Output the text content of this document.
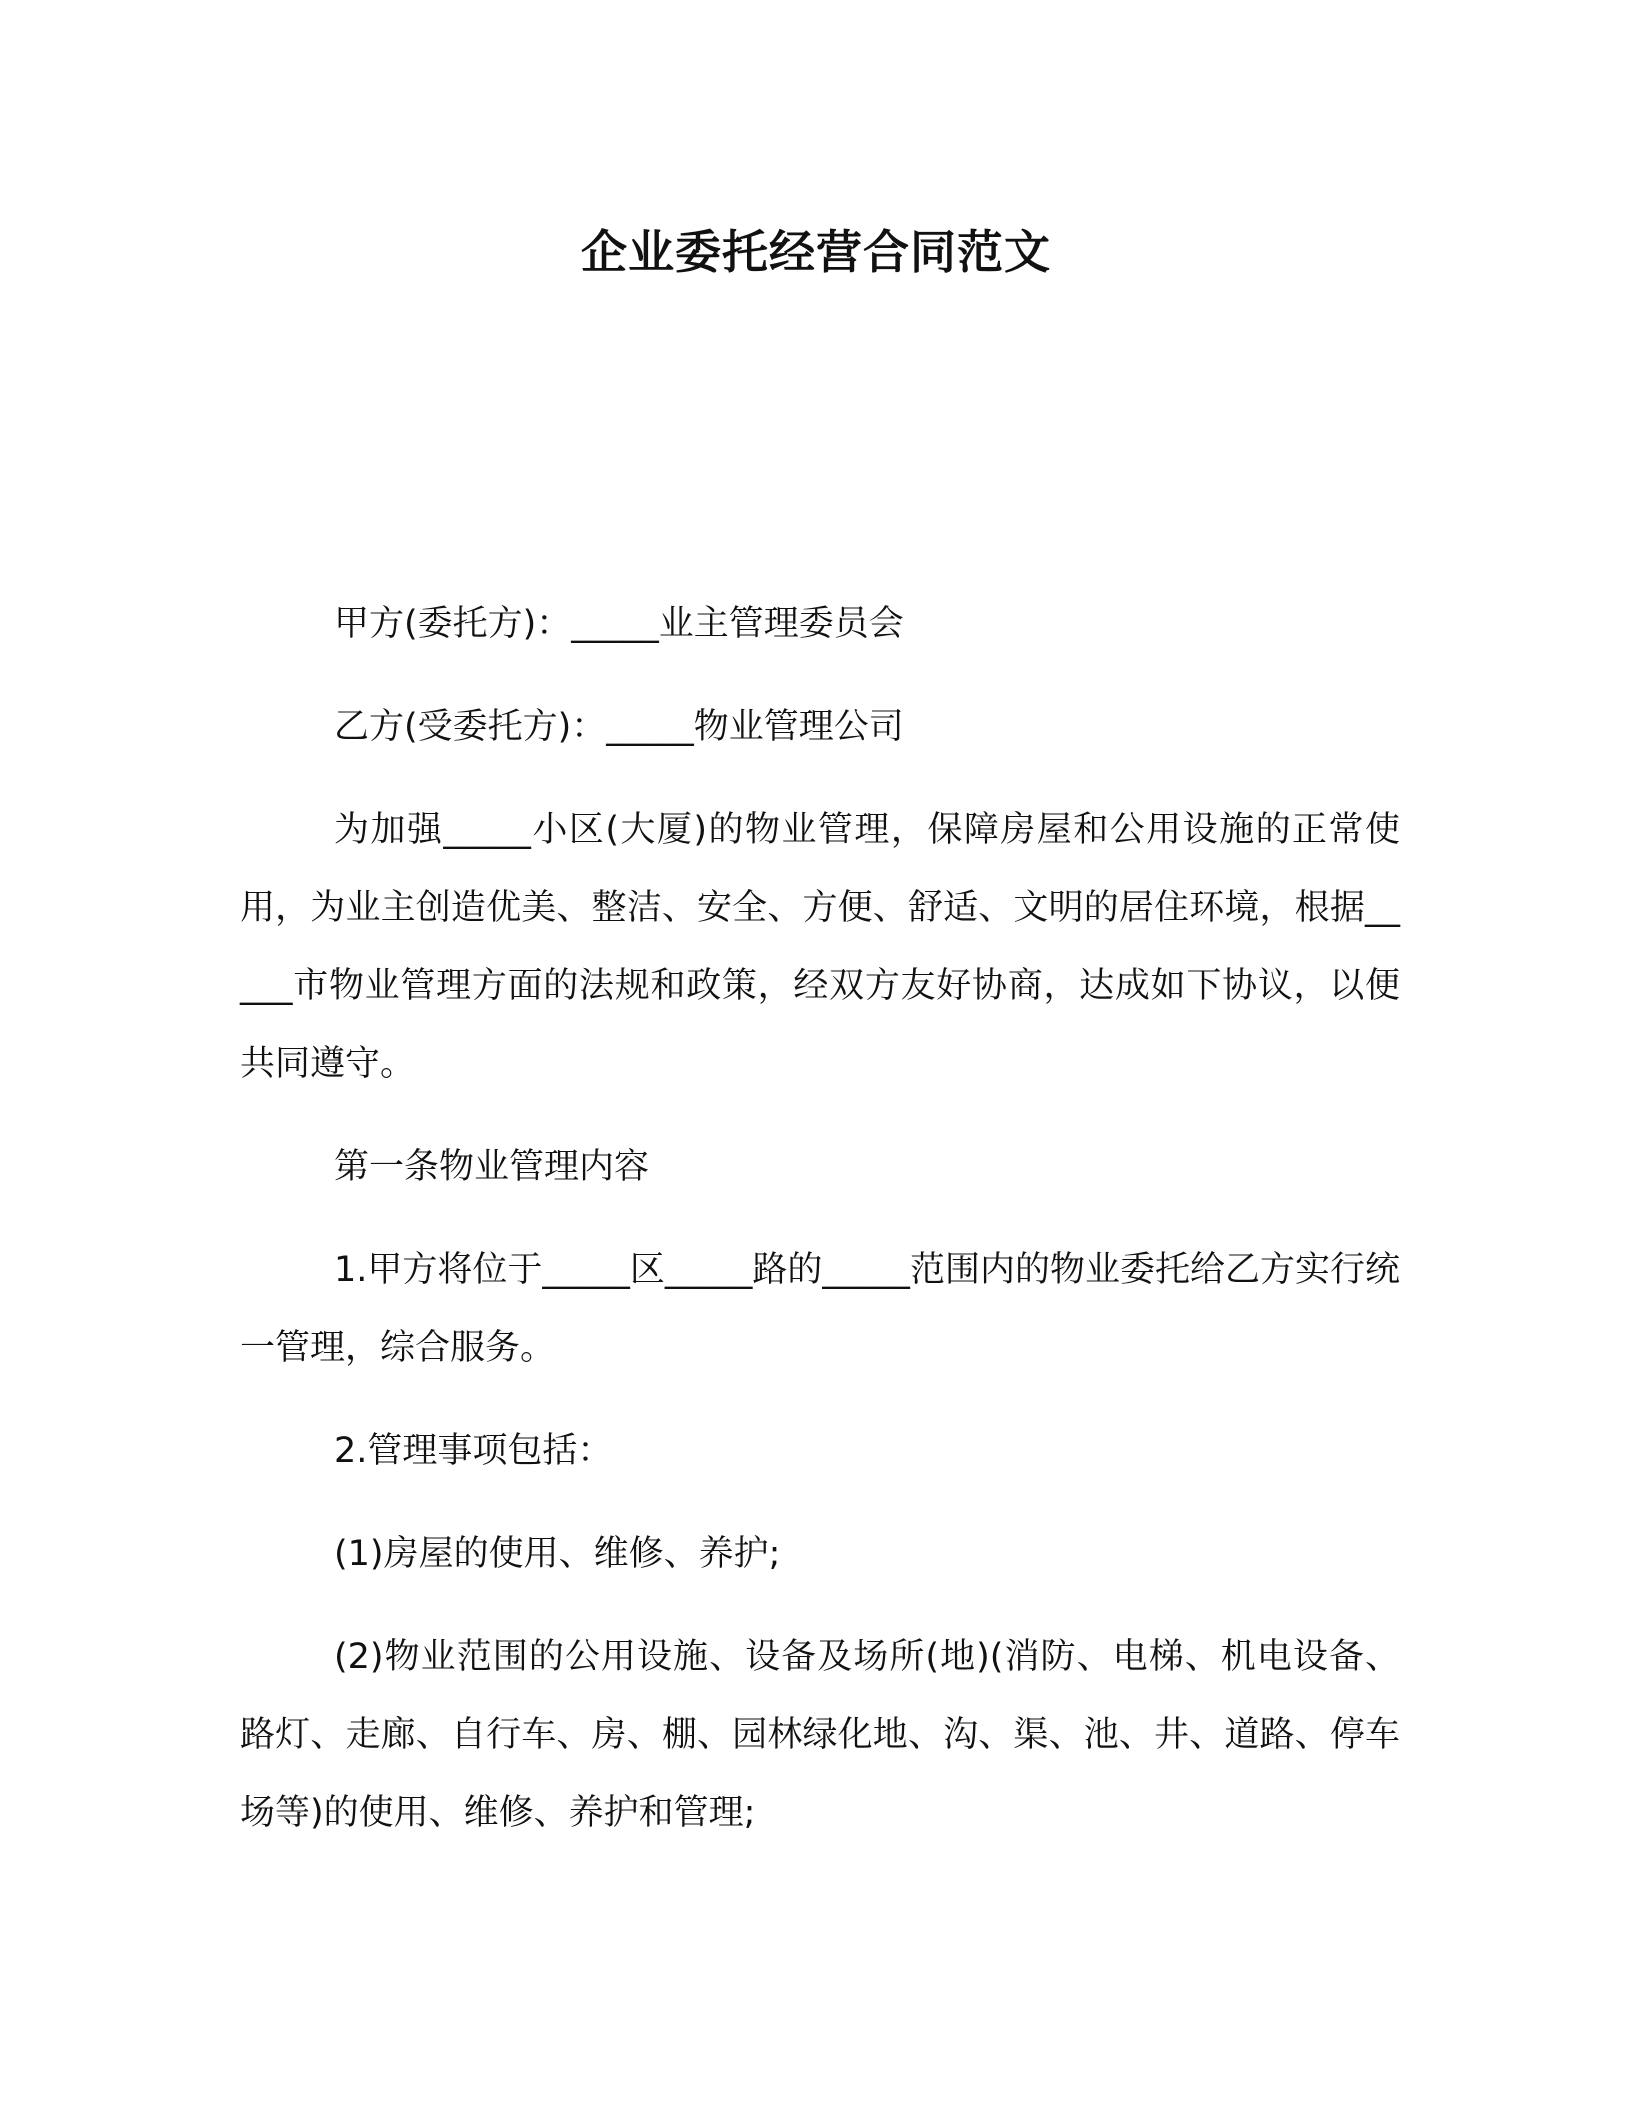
企业委托经营合同范文

甲方(委托方)：_____业主管理委员会

乙方(受委托方)：_____物业管理公司

为加强_____小区(大厦)的物业管理，保障房屋和公用设施的正常使用，为业主创造优美、整洁、安全、方便、舒适、文明的居住环境，根据_____市物业管理方面的法规和政策，经双方友好协商，达成如下协议，以便共同遵守。

第一条物业管理内容

1.甲方将位于_____区_____路的_____范围内的物业委托给乙方实行统一管理，综合服务。

2.管理事项包括：

(1)房屋的使用、维修、养护;

(2)物业范围的公用设施、设备及场所(地)(消防、电梯、机电设备、路灯、走廊、自行车、房、棚、园林绿化地、沟、渠、池、井、道路、停车场等)的使用、维修、养护和管理;
